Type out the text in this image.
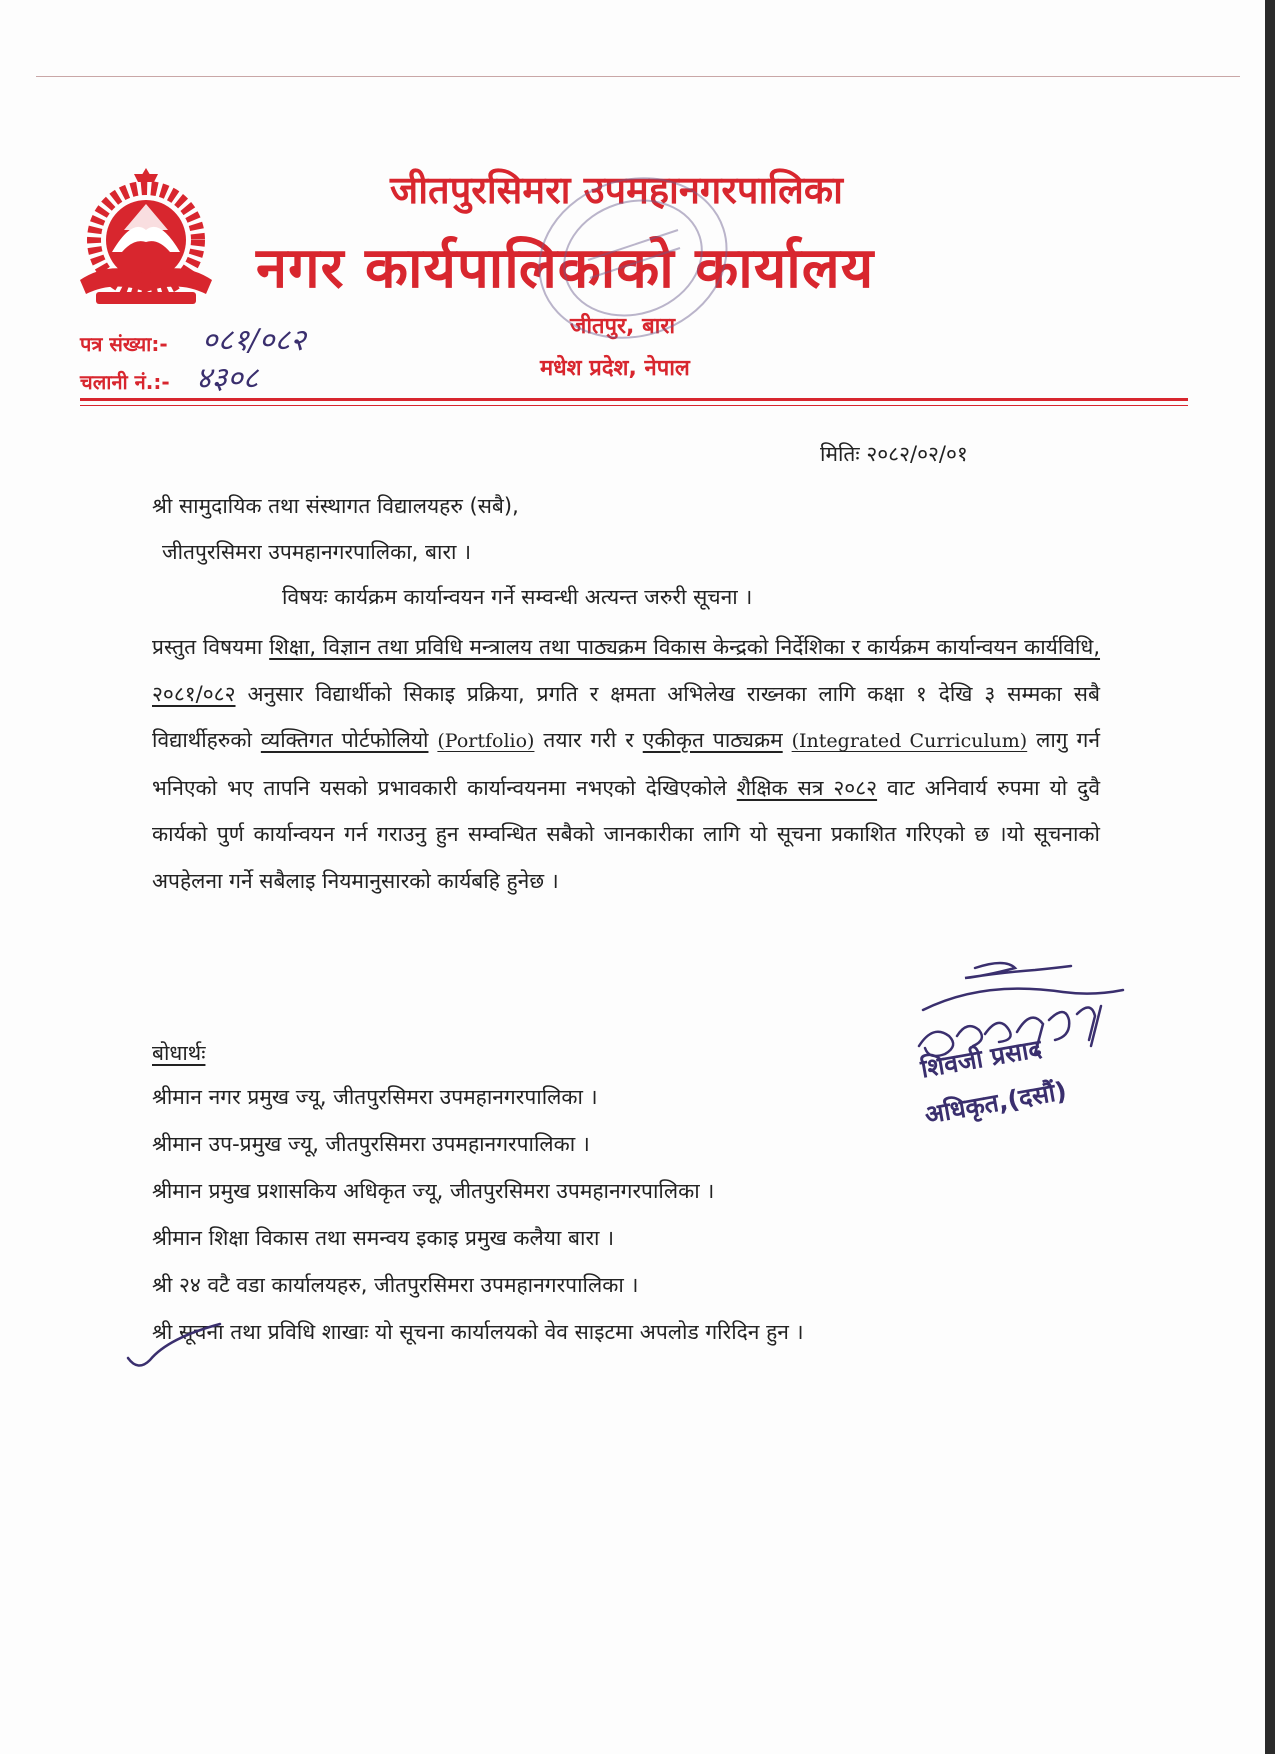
जीतपुरसिमरा उपमहानगरपालिका
नगर कार्यपालिकाको कार्यालय
जीतपुर, बारा
मधेश प्रदेश, नेपाल
पत्र संख्या:- ०८१/०८२
चलानी नं.:- ४३०८
मितिः २०८२/०२/०१
श्री सामुदायिक तथा संस्थागत विद्यालयहरु (सबै),
जीतपुरसिमरा उपमहानगरपालिका, बारा ।
विषयः कार्यक्रम कार्यान्वयन गर्ने सम्वन्धी अत्यन्त जरुरी सूचना ।
प्रस्तुत विषयमा शिक्षा, विज्ञान तथा प्रविधि मन्त्रालय तथा पाठ्यक्रम विकास केन्द्रको निर्देशिका र कार्यक्रम कार्यान्वयन कार्यविधि, २०८१/०८२ अनुसार विद्यार्थीको सिकाइ प्रक्रिया, प्रगति र क्षमता अभिलेख राख्नका लागि कक्षा १ देखि ३ सम्मका सबै विद्यार्थीहरुको व्यक्तिगत पोर्टफोलियो (Portfolio) तयार गरी र एकीकृत पाठ्यक्रम (Integrated Curriculum) लागु गर्न भनिएको भए तापनि यसको प्रभावकारी कार्यान्वयनमा नभएको देखिएकोले शैक्षिक सत्र २०८२ वाट अनिवार्य रुपमा यो दुवै कार्यको पुर्ण कार्यान्वयन गर्न गराउनु हुन सम्वन्धित सबैको जानकारीका लागि यो सूचना प्रकाशित गरिएको छ ।यो सूचनाको अपहेलना गर्ने सबैलाइ नियमानुसारको कार्यबहि हुनेछ ।
शिवजी प्रसाद
अधिकृत,(दसौं)
बोधार्थः
श्रीमान नगर प्रमुख ज्यू, जीतपुरसिमरा उपमहानगरपालिका ।
श्रीमान उप-प्रमुख ज्यू, जीतपुरसिमरा उपमहानगरपालिका ।
श्रीमान प्रमुख प्रशासकिय अधिकृत ज्यू, जीतपुरसिमरा उपमहानगरपालिका ।
श्रीमान शिक्षा विकास तथा समन्वय इकाइ प्रमुख कलैया बारा ।
श्री २४ वटै वडा कार्यालयहरु, जीतपुरसिमरा उपमहानगरपालिका ।
श्री सूचना तथा प्रविधि शाखाः यो सूचना कार्यालयको वेव साइटमा अपलोड गरिदिन हुन ।
